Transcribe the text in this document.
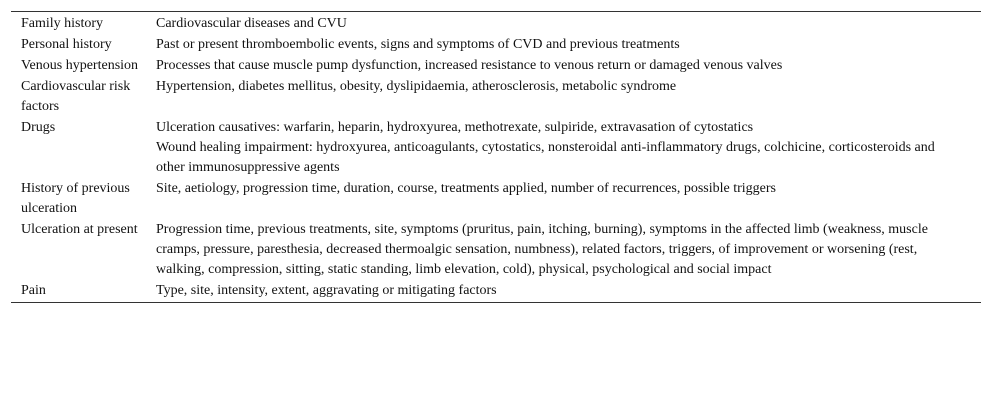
Family history	Cardiovascular diseases and CVU

Personal history	Past or present thromboembolic events, signs and symptoms of CVD and previous treatments

Venous hypertension	Processes that cause muscle pump dysfunction, increased resistance to venous return or damaged venous valves

Cardiovascular risk factors	Hypertension, diabetes mellitus, obesity, dyslipidaemia, atherosclerosis, metabolic syndrome

Drugs	Ulceration causatives: warfarin, heparin, hydroxyurea, methotrexate, sulpiride, extravasation of cytostatics
Wound healing impairment: hydroxyurea, anticoagulants, cytostatics, nonsteroidal anti-inflammatory drugs, colchicine, corticosteroids and other immunosuppressive agents

History of previous ulceration	Site, aetiology, progression time, duration, course, treatments applied, number of recurrences, possible triggers

Ulceration at present	Progression time, previous treatments, site, symptoms (pruritus, pain, itching, burning), symptoms in the affected limb (weakness, muscle cramps, pressure, paresthesia, decreased thermoalgic sensation, numbness), related factors, triggers, of improvement or worsening (rest, walking, compression, sitting, static standing, limb elevation, cold), physical, psychological and social impact

Pain	Type, site, intensity, extent, aggravating or mitigating factors
